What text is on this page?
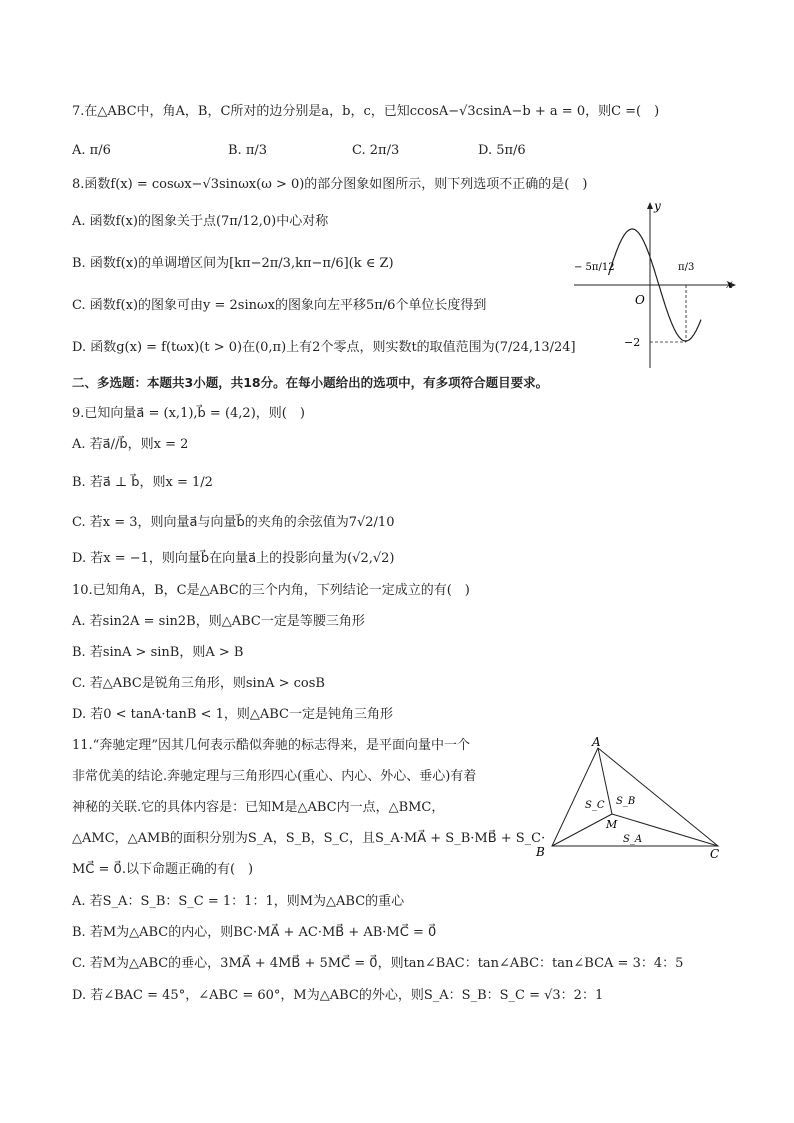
7.在△ABC中，角A，B，C所对的边分别是a，b，c，已知ccosA−√3csinA−b + a = 0，则C =(　)
A. π/6	B. π/3	C. 2π/3	D. 5π/6
8.函数f(x) = cosωx−√3sinωx(ω > 0)的部分图象如图所示，则下列选项不正确的是(　)
A. 函数f(x)的图象关于点(7π/12,0)中心对称
B. 函数f(x)的单调增区间为[kπ−2π/3,kπ−π/6](k ∈ Z)
C. 函数f(x)的图象可由y = 2sinωx的图象向左平移5π/6个单位长度得到
D. 函数g(x) = f(tωx)(t > 0)在(0,π)上有2个零点，则实数t的取值范围为(7/24,13/24]
y
x
O
− 5π/12	π/3
−2
二、多选题：本题共3小题，共18分。在每小题给出的选项中，有多项符合题目要求。
9.已知向量a⃗ = (x,1),b⃗ = (4,2)，则(　)
A. 若a⃗//b⃗，则x = 2
B. 若a⃗ ⊥ b⃗，则x = 1/2
C. 若x = 3，则向量a⃗与向量b⃗的夹角的余弦值为7√2/10
D. 若x = −1，则向量b⃗在向量a⃗上的投影向量为(√2,√2)
10.已知角A，B，C是△ABC的三个内角，下列结论一定成立的有(　)
A. 若sin2A = sin2B，则△ABC一定是等腰三角形
B. 若sinA > sinB，则A > B
C. 若△ABC是锐角三角形，则sinA > cosB
D. 若0 < tanA·tanB < 1，则△ABC一定是钝角三角形
11.“奔驰定理”因其几何表示酷似奔驰的标志得来，是平面向量中一个
非常优美的结论.奔驰定理与三角形四心(重心、内心、外心、垂心)有着
神秘的关联.它的具体内容是：已知M是△ABC内一点，△BMC，
△AMC，△AMB的面积分别为S_A，S_B，S_C，且S_A·MA⃗ + S_B·MB⃗ + S_C·
MC⃗ = 0⃗.以下命题正确的有(　)
A. 若S_A：S_B：S_C = 1：1：1，则M为△ABC的重心
B. 若M为△ABC的内心，则BC·MA⃗ + AC·MB⃗ + AB·MC⃗ = 0⃗
C. 若M为△ABC的垂心，3MA⃗ + 4MB⃗ + 5MC⃗ = 0⃗，则tan∠BAC：tan∠ABC：tan∠BCA = 3：4：5
D. 若∠BAC = 45°，∠ABC = 60°，M为△ABC的外心，则S_A：S_B：S_C = √3：2：1
A
B	C
M
S_C S_B
S_A
